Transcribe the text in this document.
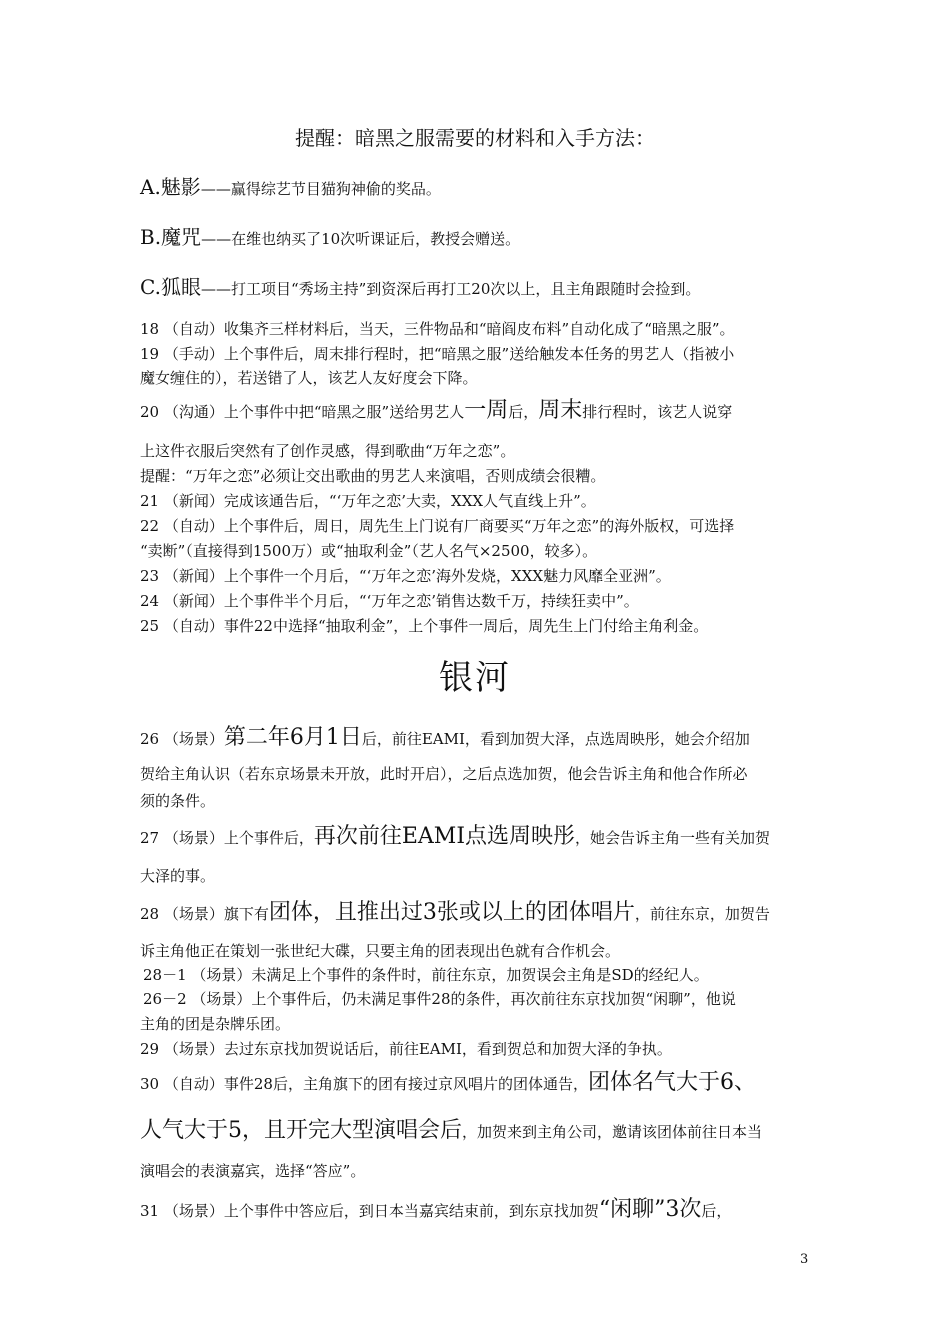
提醒：暗黑之服需要的材料和入手方法：
A.魅影——赢得综艺节目猫狗神偷的奖品。
B.魔咒——在维也纳买了10次听课证后，教授会赠送。
C.狐眼——打工项目“秀场主持”到资深后再打工20次以上，且主角跟随时会捡到。
18 （自动）收集齐三样材料后，当天，三件物品和“暗阎皮布料”自动化成了“暗黑之服”。
19 （手动）上个事件后，周末排行程时，把“暗黑之服”送给触发本任务的男艺人（指被小
魔女缠住的），若送错了人，该艺人友好度会下降。
20 （沟通）上个事件中把“暗黑之服”送给男艺人一周后，周末排行程时，该艺人说穿
上这件衣服后突然有了创作灵感，得到歌曲“万年之恋”。
提醒：“万年之恋”必须让交出歌曲的男艺人来演唱，否则成绩会很糟。
21 （新闻）完成该通告后，“‘万年之恋’大卖，XXX人气直线上升”。
22 （自动）上个事件后，周日，周先生上门说有厂商要买“万年之恋”的海外版权，可选择
“卖断”（直接得到1500万）或“抽取利金”（艺人名气×2500，较多）。
23 （新闻）上个事件一个月后，“‘万年之恋’海外发烧，XXX魅力风靡全亚洲”。
24 （新闻）上个事件半个月后，“‘万年之恋’销售达数千万，持续狂卖中”。
25 （自动）事件22中选择“抽取利金”，上个事件一周后，周先生上门付给主角利金。
银河
26 （场景）第二年6月1日后，前往EAMI，看到加贺大泽，点选周映彤，她会介绍加
贺给主角认识（若东京场景未开放，此时开启），之后点选加贺，他会告诉主角和他合作所必
须的条件。
27 （场景）上个事件后，再次前往EAMI点选周映彤，她会告诉主角一些有关加贺
大泽的事。
28 （场景）旗下有团体，且推出过3张或以上的团体唱片，前往东京，加贺告
诉主角他正在策划一张世纪大碟，只要主角的团表现出色就有合作机会。
28－1 （场景）未满足上个事件的条件时，前往东京，加贺误会主角是SD的经纪人。
26－2 （场景）上个事件后，仍未满足事件28的条件，再次前往东京找加贺“闲聊”，他说
主角的团是杂牌乐团。
29 （场景）去过东京找加贺说话后，前往EAMI，看到贺总和加贺大泽的争执。
30 （自动）事件28后，主角旗下的团有接过京风唱片的团体通告，团体名气大于6、
人气大于5，且开完大型演唱会后，加贺来到主角公司，邀请该团体前往日本当
演唱会的表演嘉宾，选择“答应”。
31 （场景）上个事件中答应后，到日本当嘉宾结束前，到东京找加贺“闲聊”3次后，
3
